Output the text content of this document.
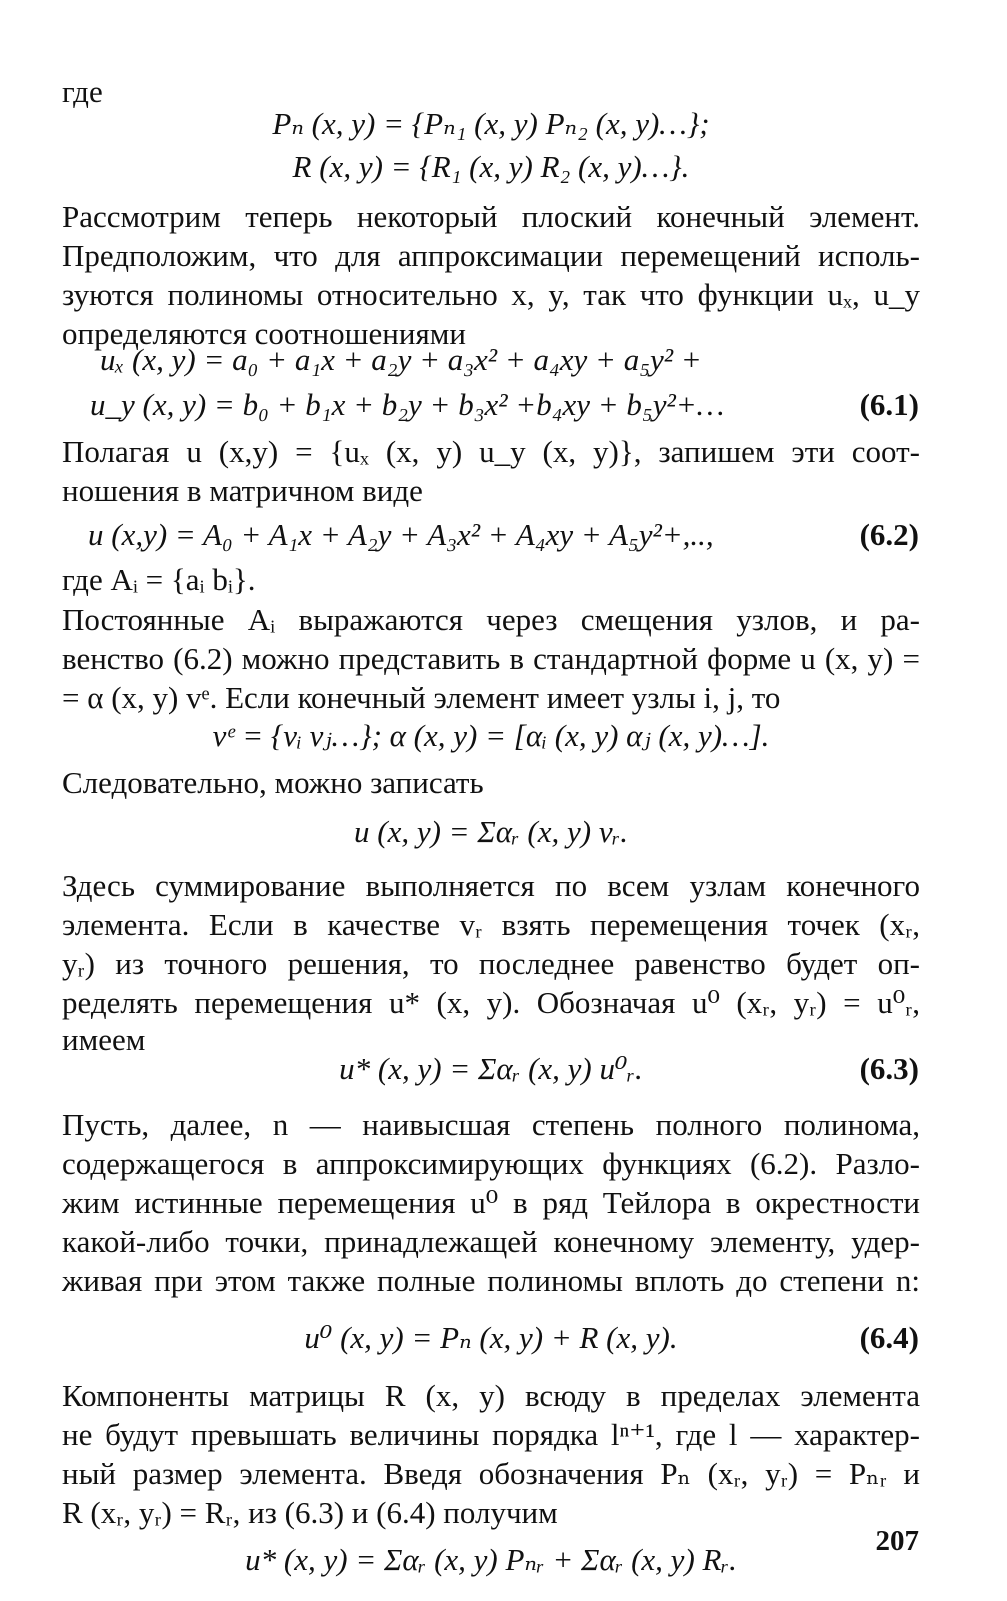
где
Pₙ (x, y) = {Pₙ₁ (x, y) Pₙ₂ (x, y)…};
R (x, y) = {R₁ (x, y) R₂ (x, y)…}.
Рассмотрим теперь некоторый плоский конечный элемент.
Предположим, что для аппроксимации перемещений исполь-
зуются полиномы относительно x, y, так что функции uₓ, u_y
определяются соотношениями
uₓ (x, y) = a₀ + a₁x + a₂y + a₃x² + a₄xy + a₅y² +
u_y (x, y) = b₀ + b₁x + b₂y + b₃x² +b₄xy + b₅y²+…	(6.1)
Полагая u (x,y) = {uₓ (x, y) u_y (x, y)}, запишем эти соот-
ношения в матричном виде
u (x,y) = A₀ + A₁x + A₂y + A₃x² + A₄xy + A₅y²+,..,	(6.2)
где Aᵢ = {aᵢ bᵢ}.
Постоянные Aᵢ выражаются через смещения узлов, и ра-
венство (6.2) можно представить в стандартной форме u (x, y) =
= α (x, y) vᵉ. Если конечный элемент имеет узлы i, j, то
vᵉ = {vᵢ vⱼ…}; α (x, y) = [αᵢ (x, y) αⱼ (x, y)…].
Следовательно, можно записать
u (x, y) = Σαᵣ (x, y) vᵣ.
Здесь суммирование выполняется по всем узлам конечного
элемента. Если в качестве vᵣ взять перемещения точек (xᵣ,
yᵣ) из точного решения, то последнее равенство будет оп-
ределять перемещения u* (x, y). Обозначая u⁰ (xᵣ, yᵣ) = u⁰ᵣ,
имеем
u* (x, y) = Σαᵣ (x, y) u⁰ᵣ.	(6.3)
Пусть, далее, n — наивысшая степень полного полинома,
содержащегося в аппроксимирующих функциях (6.2). Разло-
жим истинные перемещения u⁰ в ряд Тейлора в окрестности
какой-либо точки, принадлежащей конечному элементу, удер-
живая при этом также полные полиномы вплоть до степени n:
u⁰ (x, y) = Pₙ (x, y) + R (x, y).	(6.4)
Компоненты матрицы R (x, y) всюду в пределах элемента
не будут превышать величины порядка lⁿ⁺¹, где l — характер-
ный размер элемента. Введя обозначения Pₙ (xᵣ, yᵣ) = Pₙᵣ и
R (xᵣ, yᵣ) = Rᵣ, из (6.3) и (6.4) получим
u* (x, y) = Σαᵣ (x, y) Pₙᵣ + Σαᵣ (x, y) Rᵣ.
207
